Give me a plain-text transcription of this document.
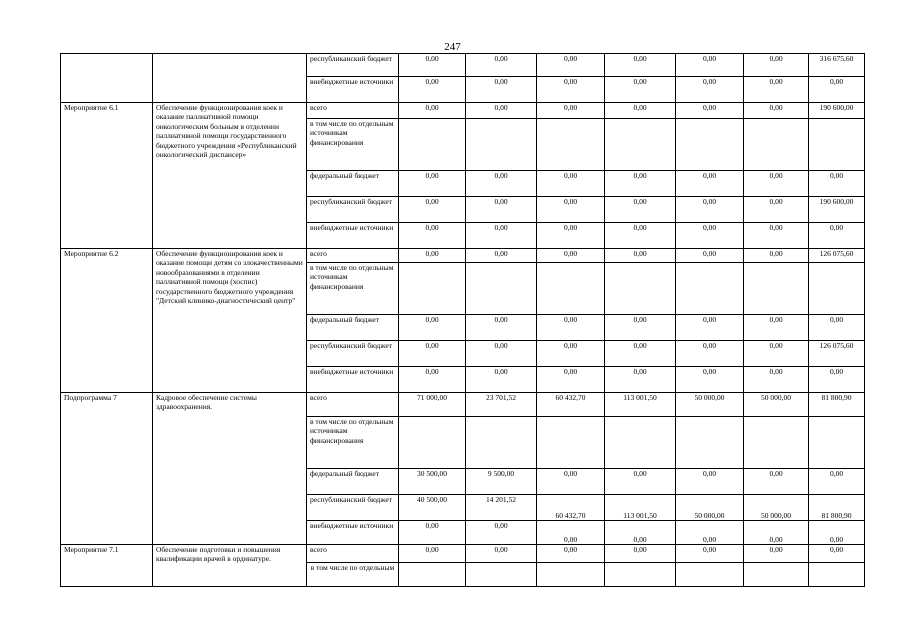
247
		республиканский бюджет	0,00	0,00	0,00	0,00	0,00	0,00	316 675,60
		внебюджетные источники	0,00	0,00	0,00	0,00	0,00	0,00	0,00
Мероприятие 6.1	Обеспечение функционирования коек и оказание паллиативной помощи онкологическим больным в отделении паллиативной помощи государственного бюджетного учреждения «Республиканский онкологический диспансер»	всего	0,00	0,00	0,00	0,00	0,00	0,00	190 600,00
		в том числе по отдельным источникам финансирования							
		федеральный бюджет	0,00	0,00	0,00	0,00	0,00	0,00	0,00
		республиканский бюджет	0,00	0,00	0,00	0,00	0,00	0,00	190 600,00
		внебюджетные источники	0,00	0,00	0,00	0,00	0,00	0,00	0,00
Мероприятие 6.2	Обеспечение функционирования коек и оказание помощи детям со злокачественными новообразованиями в отделении паллиативной помощи (хоспис) государственного бюджетного учреждения "Детский клинико-диагностический центр"	всего	0,00	0,00	0,00	0,00	0,00	0,00	126 075,60
		в том числе по отдельным источникам финансирования							
		федеральный бюджет	0,00	0,00	0,00	0,00	0,00	0,00	0,00
		республиканский бюджет	0,00	0,00	0,00	0,00	0,00	0,00	126 075,60
		внебюджетные источники	0,00	0,00	0,00	0,00	0,00	0,00	0,00
Подпрограмма 7	Кадровое обеспечение системы здравоохранения.	всего	71 000,00	23 701,52	60 432,70	113 001,50	50 000,00	50 000,00	81 800,90
		в том числе по отдельным источникам финансирования							
		федеральный бюджет	30 500,00	9 500,00	0,00	0,00	0,00	0,00	0,00
		республиканский бюджет	40 500,00	14 201,52	60 432,70	113 001,50	50 000,00	50 000,00	81 800,90
		внебюджетные источники	0,00	0,00	0,00	0,00	0,00	0,00	0,00
Мероприятие 7.1	Обеспечение подготовки и повышения квалификации врачей в ординатуре.	всего	0,00	0,00	0,00	0,00	0,00	0,00	0,00
		в том числе по отдельным							
